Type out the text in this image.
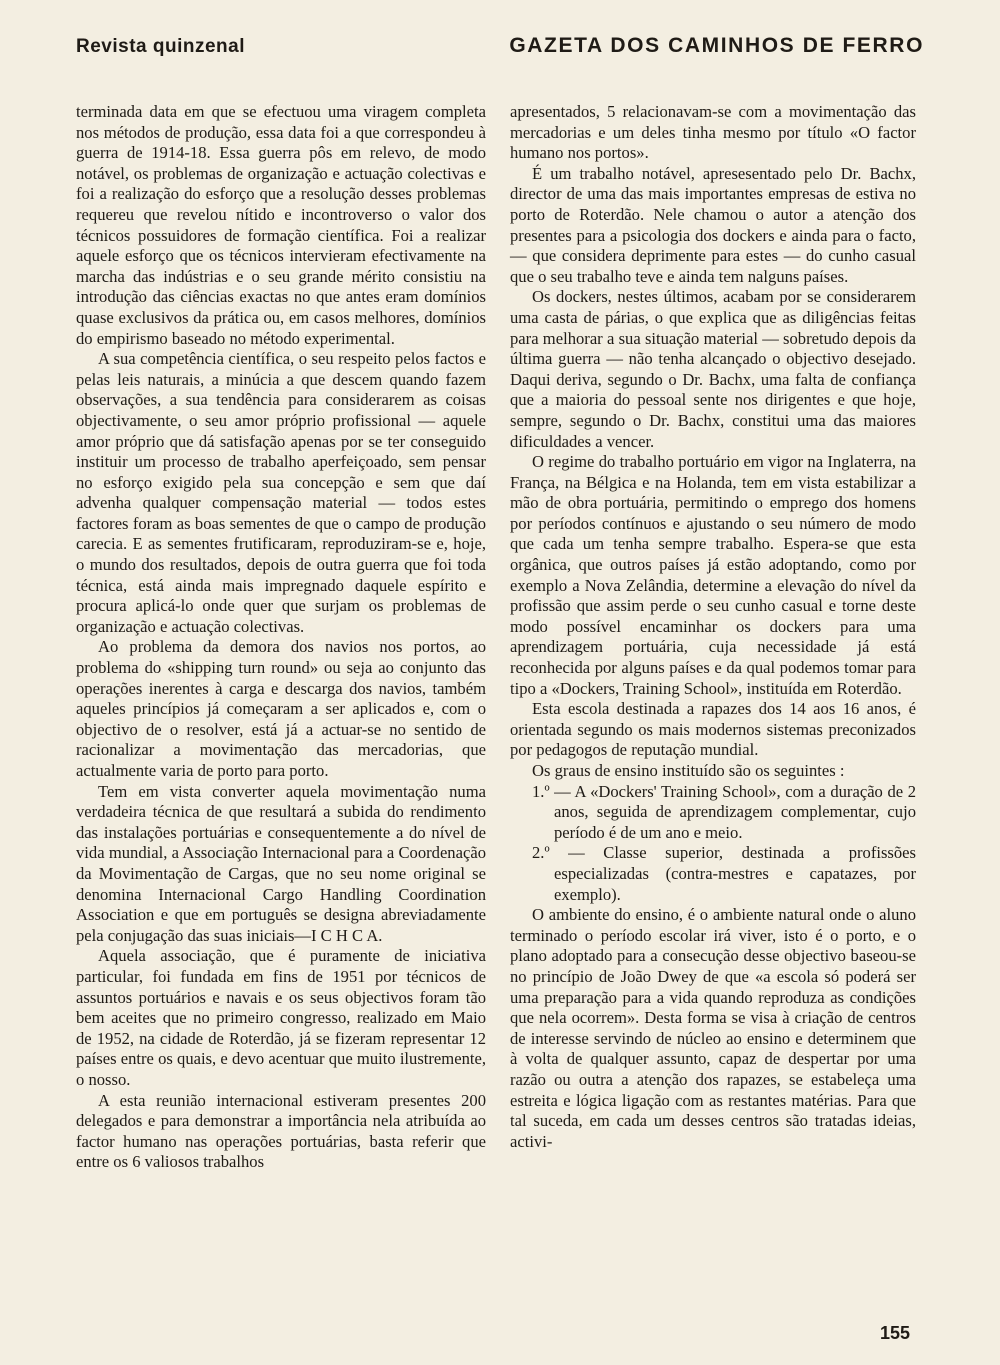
Revista quinzenal	GAZETA DOS CAMINHOS DE FERRO

terminada data em que se efectuou uma viragem completa nos métodos de produção, essa data foi a que correspondeu à guerra de 1914-18. Essa guerra pôs em relevo, de modo notável, os problemas de organização e actuação colectivas e foi a realização do esforço que a resolução desses problemas requereu que revelou nítido e incontroverso o valor dos técnicos possuidores de formação científica. Foi a realizar aquele esforço que os técnicos intervieram efectivamente na marcha das indústrias e o seu grande mérito consistiu na introdução das ciências exactas no que antes eram domínios quase exclusivos da prática ou, em casos melhores, domínios do empirismo baseado no método experimental.

A sua competência científica, o seu respeito pelos factos e pelas leis naturais, a minúcia a que descem quando fazem observações, a sua tendência para considerarem as coisas objectivamente, o seu amor próprio profissional — aquele amor próprio que dá satisfação apenas por se ter conseguido instituir um processo de trabalho aperfeiçoado, sem pensar no esforço exigido pela sua concepção e sem que daí advenha qualquer compensação material — todos estes factores foram as boas sementes de que o campo de produção carecia. E as sementes frutificaram, reproduziram-se e, hoje, o mundo dos resultados, depois de outra guerra que foi toda técnica, está ainda mais impregnado daquele espírito e procura aplicá-lo onde quer que surjam os problemas de organização e actuação colectivas.

Ao problema da demora dos navios nos portos, ao problema do «shipping turn round» ou seja ao conjunto das operações inerentes à carga e descarga dos navios, também aqueles princípios já começaram a ser aplicados e, com o objectivo de o resolver, está já a actuar-se no sentido de racionalizar a movimentação das mercadorias, que actualmente varia de porto para porto.

Tem em vista converter aquela movimentação numa verdadeira técnica de que resultará a subida do rendimento das instalações portuárias e consequentemente a do nível de vida mundial, a Associação Internacional para a Coordenação da Movimentação de Cargas, que no seu nome original se denomina Internacional Cargo Handling Coordination Association e que em português se designa abreviadamente pela conjugação das suas iniciais—I C H C A.

Aquela associação, que é puramente de iniciativa particular, foi fundada em fins de 1951 por técnicos de assuntos portuários e navais e os seus objectivos foram tão bem aceites que no primeiro congresso, realizado em Maio de 1952, na cidade de Roterdão, já se fizeram representar 12 países entre os quais, e devo acentuar que muito ilustremente, o nosso.

A esta reunião internacional estiveram presentes 200 delegados e para demonstrar a importância nela atribuída ao factor humano nas operações portuárias, basta referir que entre os 6 valiosos trabalhos

apresentados, 5 relacionavam-se com a movimentação das mercadorias e um deles tinha mesmo por título «O factor humano nos portos».

É um trabalho notável, apresesentado pelo Dr. Bachx, director de uma das mais importantes empresas de estiva no porto de Roterdão. Nele chamou o autor a atenção dos presentes para a psicologia dos dockers e ainda para o facto, — que considera deprimente para estes — do cunho casual que o seu trabalho teve e ainda tem nalguns países.

Os dockers, nestes últimos, acabam por se considerarem uma casta de párias, o que explica que as diligências feitas para melhorar a sua situação material — sobretudo depois da última guerra — não tenha alcançado o objectivo desejado. Daqui deriva, segundo o Dr. Bachx, uma falta de confiança que a maioria do pessoal sente nos dirigentes e que hoje, sempre, segundo o Dr. Bachx, constitui uma das maiores dificuldades a vencer.

O regime do trabalho portuário em vigor na Inglaterra, na França, na Bélgica e na Holanda, tem em vista estabilizar a mão de obra portuária, permitindo o emprego dos homens por períodos contínuos e ajustando o seu número de modo que cada um tenha sempre trabalho. Espera-se que esta orgânica, que outros países já estão adoptando, como por exemplo a Nova Zelândia, determine a elevação do nível da profissão que assim perde o seu cunho casual e torne deste modo possível encaminhar os dockers para uma aprendizagem portuária, cuja necessidade já está reconhecida por alguns países e da qual podemos tomar para tipo a «Dockers, Training School», instituída em Roterdão.

Esta escola destinada a rapazes dos 14 aos 16 anos, é orientada segundo os mais modernos sistemas preconizados por pedagogos de reputação mundial.

Os graus de ensino instituído são os seguintes :

1.º — A «Dockers' Training School», com a duração de 2 anos, seguida de aprendizagem complementar, cujo período é de um ano e meio.

2.º — Classe superior, destinada a profissões especializadas (contra-mestres e capatazes, por exemplo).

O ambiente do ensino, é o ambiente natural onde o aluno terminado o período escolar irá viver, isto é o porto, e o plano adoptado para a consecução desse objectivo baseou-se no princípio de João Dwey de que «a escola só poderá ser uma preparação para a vida quando reproduza as condições que nela ocorrem». Desta forma se visa à criação de centros de interesse servindo de núcleo ao ensino e determinem que à volta de qualquer assunto, capaz de despertar por uma razão ou outra a atenção dos rapazes, se estabeleça uma estreita e lógica ligação com as restantes matérias. Para que tal suceda, em cada um desses centros são tratadas ideias, activi-

155
